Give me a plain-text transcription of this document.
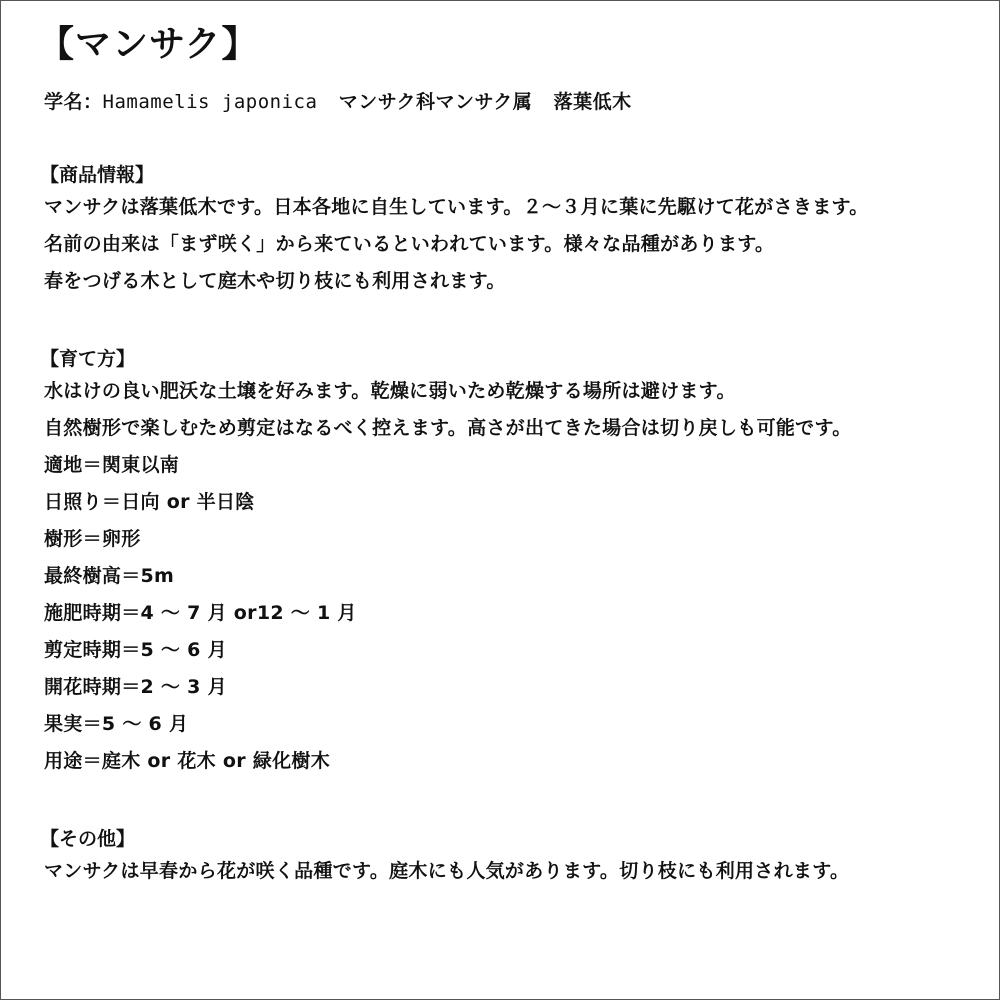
【マンサク】
学名：Hamamelis japonica マンサク科マンサク属 落葉低木
【商品情報】
マンサクは落葉低木です。日本各地に自生しています。２～３月に葉に先駆けて花がさきます。
名前の由来は「まず咲く」から来ているといわれています。様々な品種があります。
春をつげる木として庭木や切り枝にも利用されます。
【育て方】
水はけの良い肥沃な土壌を好みます。乾燥に弱いため乾燥する場所は避けます。
自然樹形で楽しむため剪定はなるべく控えます。高さが出てきた場合は切り戻しも可能です。
適地＝関東以南
日照り＝日向 or 半日陰
樹形＝卵形
最終樹高＝5m
施肥時期＝4 ～ 7 月 or12 ～ 1 月
剪定時期＝5 ～ 6 月
開花時期＝2 ～ 3 月
果実＝5 ～ 6 月
用途＝庭木 or 花木 or 緑化樹木
【その他】
マンサクは早春から花が咲く品種です。庭木にも人気があります。切り枝にも利用されます。
